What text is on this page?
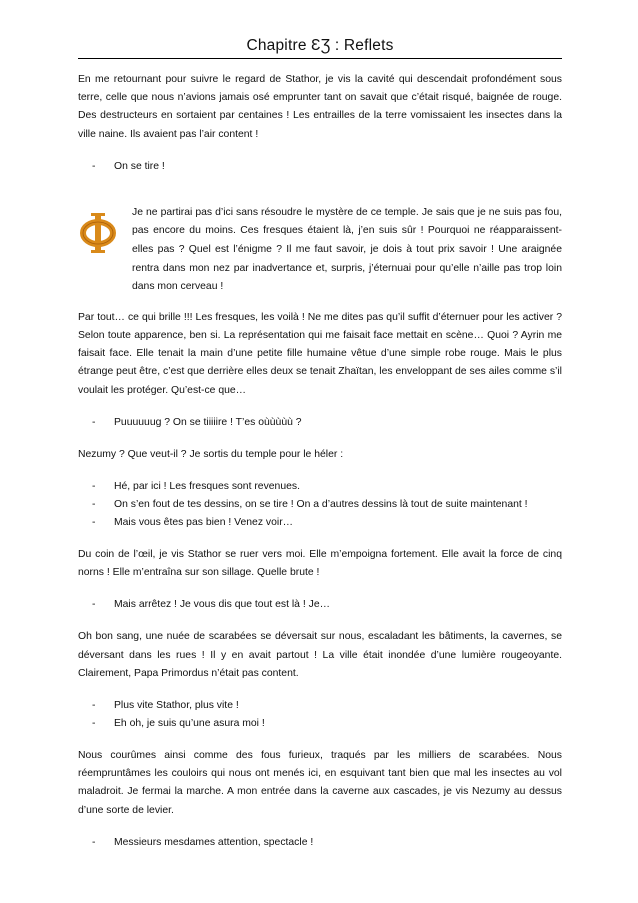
Chapitre ƐƷ : Reflets

En me retournant pour suivre le regard de Stathor, je vis la cavité qui descendait profondément sous terre, celle que nous n’avions jamais osé emprunter tant on savait que c’était risqué, baignée de rouge. Des destructeurs en sortaient par centaines ! Les entrailles de la terre vomissaient les insectes dans la ville naine. Ils avaient pas l’air content !

- On se tire !

Je ne partirai pas d’ici sans résoudre le mystère de ce temple. Je sais que je ne suis pas fou, pas encore du moins. Ces fresques étaient là, j’en suis sûr ! Pourquoi ne réapparaissent-elles pas ? Quel est l’énigme ? Il me faut savoir, je dois à tout prix savoir ! Une araignée rentra dans mon nez par inadvertance et, surpris, j’éternuai pour qu’elle n’aille pas trop loin dans mon cerveau !

Par tout… ce qui brille !!! Les fresques, les voilà ! Ne me dites pas qu’il suffit d’éternuer pour les activer ? Selon toute apparence, ben si. La représentation qui me faisait face mettait en scène… Quoi ? Ayrin me faisait face. Elle tenait la main d’une petite fille humaine vêtue d’une simple robe rouge. Mais le plus étrange peut être, c’est que derrière elles deux se tenait Zhaïtan, les enveloppant de ses ailes comme s’il voulait les protéger. Qu’est-ce que…

- Puuuuuug ? On se tiiiiire ! T’es oùùùùù ?

Nezumy ? Que veut-il ? Je sortis du temple pour le héler :

- Hé, par ici ! Les fresques sont revenues.
- On s’en fout de tes dessins, on se tire ! On a d’autres dessins là tout de suite maintenant !
- Mais vous êtes pas bien ! Venez voir…

Du coin de l’œil, je vis Stathor se ruer vers moi. Elle m’empoigna fortement. Elle avait la force de cinq norns ! Elle m’entraîna sur son sillage. Quelle brute !

- Mais arrêtez ! Je vous dis que tout est là ! Je…

Oh bon sang, une nuée de scarabées se déversait sur nous, escaladant les bâtiments, la cavernes, se déversant dans les rues ! Il y en avait partout ! La ville était inondée d’une lumière rougeoyante. Clairement, Papa Primordus n’était pas content.

- Plus vite Stathor, plus vite !
- Eh oh, je suis qu’une asura moi !

Nous courûmes ainsi comme des fous furieux, traqués par les milliers de scarabées. Nous réempruntâmes les couloirs qui nous ont menés ici, en esquivant tant bien que mal les insectes au vol maladroit. Je fermai la marche. A mon entrée dans la caverne aux cascades, je vis Nezumy au dessus d’une sorte de levier.

- Messieurs mesdames attention, spectacle !
